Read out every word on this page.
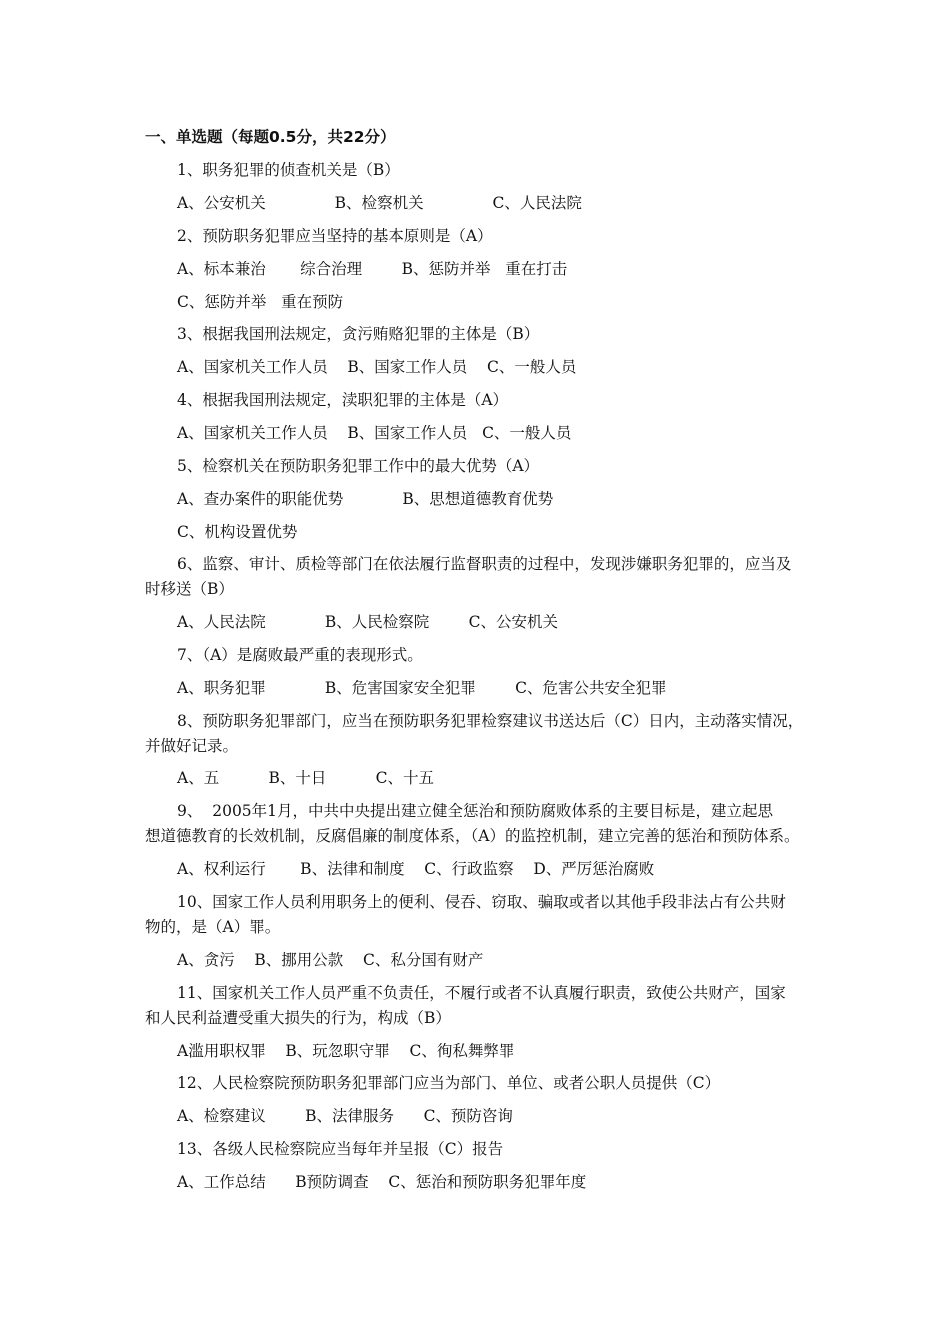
一、单选题（每题0.5分，共22分）
1、职务犯罪的侦查机关是（B）
A、公安机关              B、检察机关              C、人民法院
2、预防职务犯罪应当坚持的基本原则是（A）
A、标本兼治       综合治理        B、惩防并举   重在打击
C、惩防并举   重在预防
3、根据我国刑法规定，贪污贿赂犯罪的主体是（B）
A、国家机关工作人员    B、国家工作人员    C、一般人员
4、根据我国刑法规定，渎职犯罪的主体是（A）
A、国家机关工作人员    B、国家工作人员   C、一般人员
5、检察机关在预防职务犯罪工作中的最大优势（A）
A、查办案件的职能优势            B、思想道德教育优势
C、机构设置优势
6、监察、审计、质检等部门在依法履行监督职责的过程中，发现涉嫌职务犯罪的，应当及
时移送（B）
A、人民法院            B、人民检察院        C、公安机关
7、（A）是腐败最严重的表现形式。
A、职务犯罪            B、危害国家安全犯罪        C、危害公共安全犯罪
8、预防职务犯罪部门，应当在预防职务犯罪检察建议书送达后（C）日内，主动落实情况，
并做好记录。
A、五          B、十日          C、十五
9、  2005年1月，中共中央提出建立健全惩治和预防腐败体系的主要目标是，建立起思
想道德教育的长效机制，反腐倡廉的制度体系，（A）的监控机制，建立完善的惩治和预防体系。
A、权利运行       B、法律和制度    C、行政监察    D、严厉惩治腐败
10、国家工作人员利用职务上的便利、侵吞、窃取、骗取或者以其他手段非法占有公共财
物的，是（A）罪。
A、贪污    B、挪用公款    C、私分国有财产
11、国家机关工作人员严重不负责任，不履行或者不认真履行职责，致使公共财产，国家
和人民利益遭受重大损失的行为，构成（B）
A滥用职权罪    B、玩忽职守罪    C、徇私舞弊罪
12、人民检察院预防职务犯罪部门应当为部门、单位、或者公职人员提供（C）
A、检察建议        B、法律服务      C、预防咨询
13、各级人民检察院应当每年并呈报（C）报告
A、工作总结      B预防调查    C、惩治和预防职务犯罪年度
